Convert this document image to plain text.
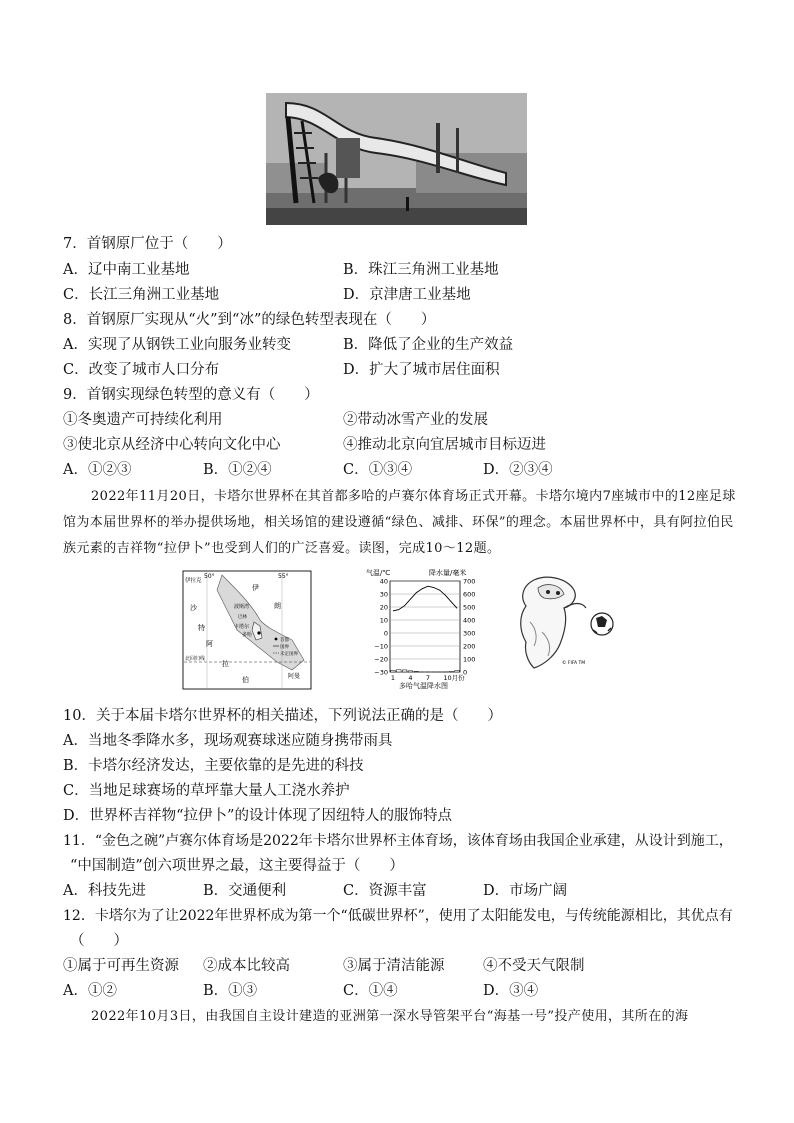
7．首钢原厂位于（　　）
A．辽中南工业基地	B．珠江三角洲工业基地
C．长江三角洲工业基地	D．京津唐工业基地
8．首钢原厂实现从“火”到“冰”的绿色转型表现在（　　）
A．实现了从钢铁工业向服务业转变	B．降低了企业的生产效益
C．改变了城市人口分布	D．扩大了城市居住面积
9．首钢实现绿色转型的意义有（　　）
①冬奥遗产可持续化利用	②带动冰雪产业的发展
③使北京从经济中心转向文化中心	④推动北京向宜居城市目标迈进
A．①②③	B．①②④	C．①③④	D．②③④
2022年11月20日，卡塔尔世界杯在其首都多哈的卢赛尔体育场正式开幕。卡塔尔境内7座城市中的12座足球馆为本届世界杯的举办提供场地，相关场馆的建设遵循“绿色、减排、环保”的理念。本届世界杯中，具有阿拉伯民族元素的吉祥物“拉伊卜”也受到人们的广泛喜爱。读图，完成10～12题。
50°	55°
伊拉克
伊
朗
沙
特
阿
拉
伯	阿曼
波斯湾
卡塔尔
多哈
巴林
北回归线
首都
国界
未定国界
气温/℃	降水量/毫米
多哈气温降水图
40
30
20
10
0
−10
−20
−30
700
600
500
400
300
200
100
0
1 4 7 10月份
© FIFA TM
10．关于本届卡塔尔世界杯的相关描述，下列说法正确的是（　　）
A．当地冬季降水多，现场观赛球迷应随身携带雨具
B．卡塔尔经济发达，主要依靠的是先进的科技
C．当地足球赛场的草坪靠大量人工浇水养护
D．世界杯吉祥物“拉伊卜”的设计体现了因纽特人的服饰特点
11．“金色之碗”卢赛尔体育场是2022年卡塔尔世界杯主体育场，该体育场由我国企业承建，从设计到施工，
“中国制造”创六项世界之最，这主要得益于（　　）
A．科技先进	B．交通便利	C．资源丰富	D．市场广阔
12．卡塔尔为了让2022年世界杯成为第一个“低碳世界杯”，使用了太阳能发电，与传统能源相比，其优点有
（　　）
①属于可再生资源 ②成本比较高	③属于清洁能源	④不受天气限制
A．①②	B．①③	C．①④	D．③④
2022年10月3日，由我国自主设计建造的亚洲第一深水导管架平台“海基一号”投产使用，其所在的海
